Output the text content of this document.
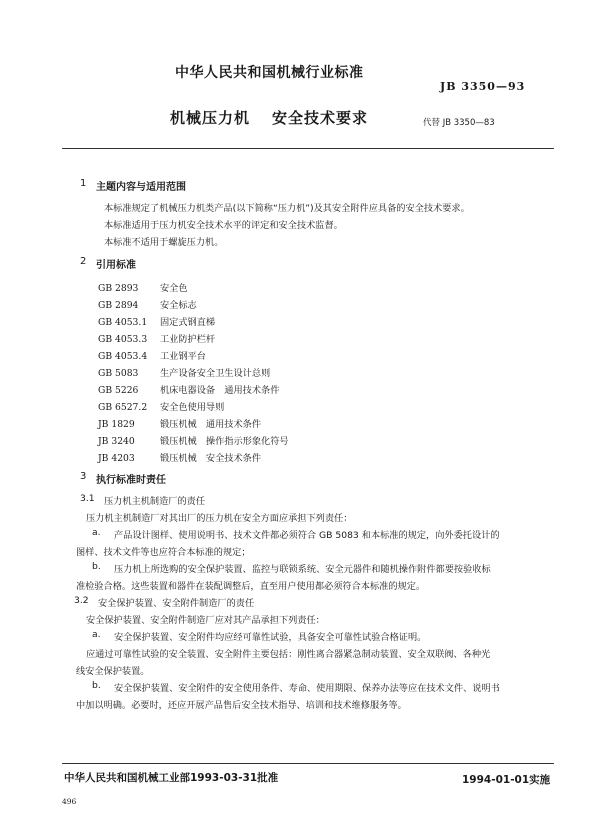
中华人民共和国机械行业标准
JB 3350—93
机械压力机 安全技术要求	代替 JB 3350—83
1 主题内容与适用范围
本标准规定了机械压力机类产品(以下简称“压力机”)及其安全附件应具备的安全技术要求。
本标准适用于压力机安全技术水平的评定和安全技术监督。
本标准不适用于螺旋压力机。
2 引用标准
GB 2893 安全色
GB 2894 安全标志
GB 4053.1 固定式钢直梯
GB 4053.3 工业防护栏杆
GB 4053.4 工业钢平台
GB 5083 生产设备安全卫生设计总则
GB 5226 机床电器设备　通用技术条件
GB 6527.2 安全色使用导则
JB 1829	锻压机械　通用技术条件
JB 3240	锻压机械　操作指示形象化符号
JB 4203	锻压机械　安全技术条件
3 执行标准时责任
3.1 压力机主机制造厂的责任
压力机主机制造厂对其出厂的压力机在安全方面应承担下列责任：
a. 产品设计图样、使用说明书、技术文件都必须符合 GB 5083 和本标准的规定，向外委托设计的
图样、技术文件等也应符合本标准的规定；
b. 压力机上所选购的安全保护装置、监控与联锁系统、安全元器件和随机操作附件都要按验收标
准检验合格。这些装置和器件在装配调整后，直至用户使用都必须符合本标准的规定。
3.2 安全保护装置、安全附件制造厂的责任
安全保护装置、安全附件制造厂应对其产品承担下列责任：
a. 安全保护装置、安全附件均应经可靠性试验，具备安全可靠性试验合格证明。
应通过可靠性试验的安全装置、安全附件主要包括：刚性离合器紧急制动装置、安全双联阀、各种光
线安全保护装置。
b. 安全保护装置、安全附件的安全使用条件、寿命、使用期限、保养办法等应在技术文件、说明书
中加以明确。必要时，还应开展产品售后安全技术指导、培训和技术维修服务等。
中华人民共和国机械工业部1993-03-31批准	1994-01-01实施
496
